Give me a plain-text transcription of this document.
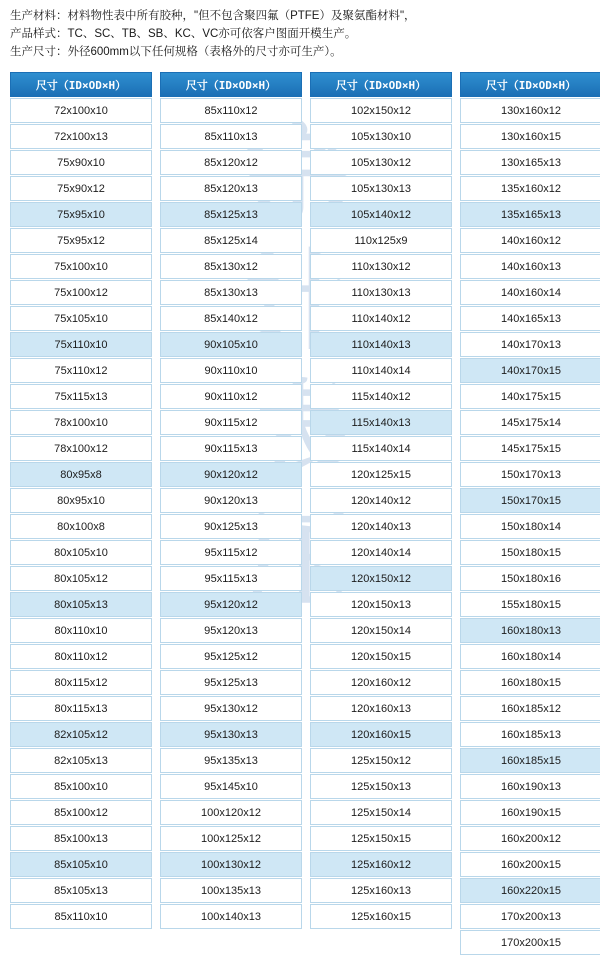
生产材料：材料物性表中所有胶种，"但不包含聚四氟（PTFE）及聚氨酯材料"，
产品样式：TC、SC、TB、SB、KC、VC亦可依客户图面开模生产。
生产尺寸：外径600mm以下任何规格（表格外的尺寸亦可生产）。
尺寸（ID×OD×H）
72x100x10
72x100x13
75x90x10
75x90x12
75x95x10
75x95x12
75x100x10
75x100x12
75x105x10
75x110x10
75x110x12
75x115x13
78x100x10
78x100x12
80x95x8
80x95x10
80x100x8
80x105x10
80x105x12
80x105x13
80x110x10
80x110x12
80x115x12
80x115x13
82x105x12
82x105x13
85x100x10
85x100x12
85x100x13
85x105x10
85x105x13
85x110x10
尺寸（ID×OD×H）
85x110x12
85x110x13
85x120x12
85x120x13
85x125x13
85x125x14
85x130x12
85x130x13
85x140x12
90x105x10
90x110x10
90x110x12
90x115x12
90x115x13
90x120x12
90x120x13
90x125x13
95x115x12
95x115x13
95x120x12
95x120x13
95x125x12
95x125x13
95x130x12
95x130x13
95x135x13
95x145x10
100x120x12
100x125x12
100x130x12
100x135x13
100x140x13
尺寸（ID×OD×H）
102x150x12
105x130x10
105x130x12
105x130x13
105x140x12
110x125x9
110x130x12
110x130x13
110x140x12
110x140x13
110x140x14
115x140x12
115x140x13
115x140x14
120x125x15
120x140x12
120x140x13
120x140x14
120x150x12
120x150x13
120x150x14
120x150x15
120x160x12
120x160x13
120x160x15
125x150x12
125x150x13
125x150x14
125x150x15
125x160x12
125x160x13
125x160x15
尺寸（ID×OD×H）
130x160x12
130x160x15
130x165x13
135x160x12
135x165x13
140x160x12
140x160x13
140x160x14
140x165x13
140x170x13
140x170x15
140x175x15
145x175x14
145x175x15
150x170x13
150x170x15
150x180x14
150x180x15
150x180x16
155x180x15
160x180x13
160x180x14
160x180x15
160x185x12
160x185x13
160x185x15
160x190x13
160x190x15
160x200x12
160x200x15
160x220x15
170x200x13
170x200x15
